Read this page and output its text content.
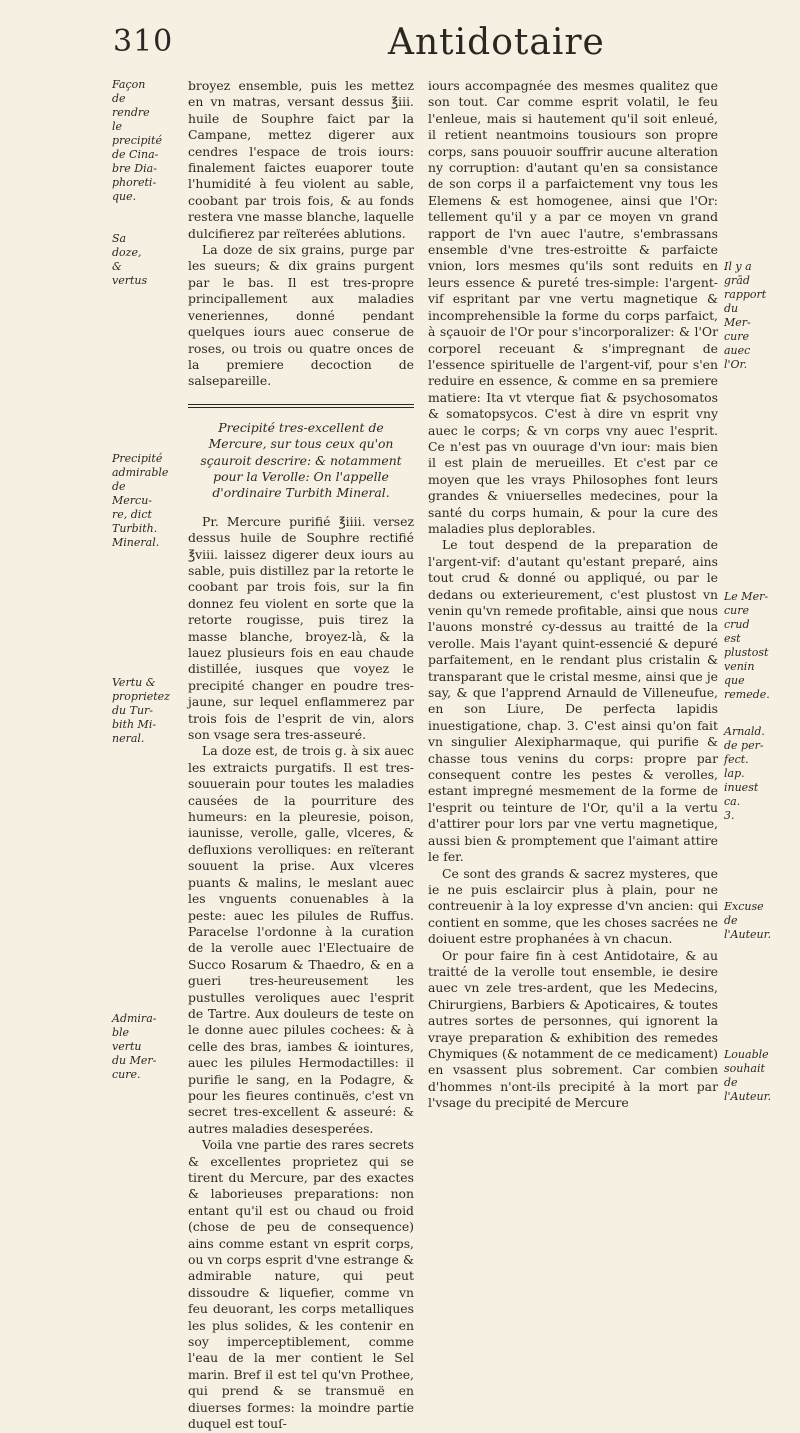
310	Antidotaire
Façon de
rendre le
precipité
de Cina-
bre Dia-
phoreti-
que.
Sa doze,
& vertus
Precipité
admirable
de Mercu-
re, dict
Turbith.
Mineral.
Vertu &
proprietez
du Tur-
bith Mi-
neral.
Admira-
ble vertu
du Mer-
cure.
Il y a grād
rapport
du Mer-
cure auec
l'Or.
Le Mer-
cure crud
est plustost
venin que
remede.
Arnald.
de per-
fect. lap.
inuest ca.
3.
Excuse de
l'Auteur.
Louable
souhait de
l'Auteur.

broyez ensemble, puis les mettez en vn matras, versant dessus ℥iii. huile de Souphre faict par la Campane, mettez digerer aux cendres l'espace de trois iours: finalement faictes euaporer toute l'humidité à feu violent au sable, coobant par trois fois, & au fonds restera vne masse blanche, laquelle dulcifierez par reïterées ablutions.

La doze de six grains, purge par les sueurs; & dix grains purgent par le bas. Il est tres-propre principallement aux maladies veneriennes, donné pendant quelques iours auec conserue de roses, ou trois ou quatre onces de la premiere decoction de salsepareille.

Precipité tres-excellent de Mercure, sur tous ceux qu'on sçauroit descrire: & notamment pour la Verolle: On l'appelle d'ordinaire Turbith Mineral.

Pr. Mercure purifié ℥iiii. versez dessus huile de Souphre rectifié ℥viii. laissez digerer deux iours au sable, puis distillez par la retorte le coobant par trois fois, sur la fin donnez feu violent en sorte que la retorte rougisse, puis tirez la masse blanche, broyez-là, & la lauez plusieurs fois en eau chaude distillée, iusques que voyez le precipité changer en poudre tres-jaune, sur lequel enflammerez par trois fois de l'esprit de vin, alors son vsage sera tres-asseuré.

La doze est, de trois g. à six auec les extraicts purgatifs. Il est tres-souuerain pour toutes les maladies causées de la pourriture des humeurs: en la pleuresie, poison, iaunisse, verolle, galle, vlceres, & defluxions verolliques: en reïterant souuent la prise. Aux vlceres puants & malins, le meslant auec les vnguents conuenables à la peste: auec les pilules de Ruffus. Paracelse l'ordonne à la curation de la verolle auec l'Electuaire de Succo Rosarum & Thaedro, & en a gueri tres-heureusement les pustulles veroliques auec l'esprit de Tartre. Aux douleurs de teste on le donne auec pilules cochees: & à celle des bras, iambes & iointures, auec les pilules Hermodactilles: il purifie le sang, en la Podagre, & pour les fieures continuës, c'est vn secret tres-excellent & asseuré: & autres maladies desesperées.

Voila vne partie des rares secrets & excellentes proprietez qui se tirent du Mercure, par des exactes & laborieuses preparations: non entant qu'il est ou chaud ou froid (chose de peu de consequence) ains comme estant vn esprit corps, ou vn corps esprit d'vne estrange & admirable nature, qui peut dissoudre & liquefier, comme vn feu deuorant, les corps metalliques les plus solides, & les contenir en soy imperceptiblement, comme l'eau de la mer contient le Sel marin. Bref il est tel qu'vn Prothee, qui prend & se transmuë en diuerses formes: la moindre partie duquel est touſ-

iours accompagnée des mesmes qualitez que son tout. Car comme esprit volatil, le feu l'enleue, mais si hautement qu'il soit enleué, il retient neantmoins tousiours son propre corps, sans pouuoir souffrir aucune alteration ny corruption: d'autant qu'en sa consistance de son corps il a parfaictement vny tous les Elemens & est homogenee, ainsi que l'Or: tellement qu'il y a par ce moyen vn grand rapport de l'vn auec l'autre, s'embrassans ensemble d'vne tres-estroitte & parfaicte vnion, lors mesmes qu'ils sont reduits en leurs essence & pureté tres-simple: l'argent-vif espritant par vne vertu magnetique & incomprehensible la forme du corps parfaict, à sçauoir de l'Or pour s'incorporalizer: & l'Or corporel receuant & s'impregnant de l'essence spirituelle de l'argent-vif, pour s'en reduire en essence, & comme en sa premiere matiere: Ita vt vterque fiat & psychosomatos & somatopsycos. C'est à dire vn esprit vny auec le corps; & vn corps vny auec l'esprit. Ce n'est pas vn ouurage d'vn iour: mais bien il est plain de merueilles. Et c'est par ce moyen que les vrays Philosophes font leurs grandes & vniuerselles medecines, pour la santé du corps humain, & pour la cure des maladies plus deplorables.

Le tout despend de la preparation de l'argent-vif: d'autant qu'estant preparé, ains tout crud & donné ou appliqué, ou par le dedans ou exterieurement, c'est plustost vn venin qu'vn remede profitable, ainsi que nous l'auons monstré cy-dessus au traitté de la verolle. Mais l'ayant quint-essencié & depuré parfaitement, en le rendant plus cristalin & transparant que le cristal mesme, ainsi que je say, & que l'apprend Arnauld de Villeneufue, en son Liure, De perfecta lapidis inuestigatione, chap. 3. C'est ainsi qu'on fait vn singulier Alexipharmaque, qui purifie & chasse tous venins du corps: propre par consequent contre les pestes & verolles, estant impregné mesmement de la forme de l'esprit ou teinture de l'Or, qu'il a la vertu d'attirer pour lors par vne vertu magnetique, aussi bien & promptement que l'aimant attire le fer.

Ce sont des grands & sacrez mysteres, que ie ne puis esclaircir plus à plain, pour ne contreuenir à la loy expresse d'vn ancien: qui contient en somme, que les choses sacrées ne doiuent estre prophanées à vn chacun.

Or pour faire fin à cest Antidotaire, & au traitté de la verolle tout ensemble, ie desire auec vn zele tres-ardent, que les Medecins, Chirurgiens, Barbiers & Apoticaires, & toutes autres sortes de personnes, qui ignorent la vraye preparation & exhibition des remedes Chymiques (& notamment de ce medicament) en vsassent plus sobrement. Car combien d'hommes n'ont-ils precipité à la mort par l'vsage du precipité de Mercure
